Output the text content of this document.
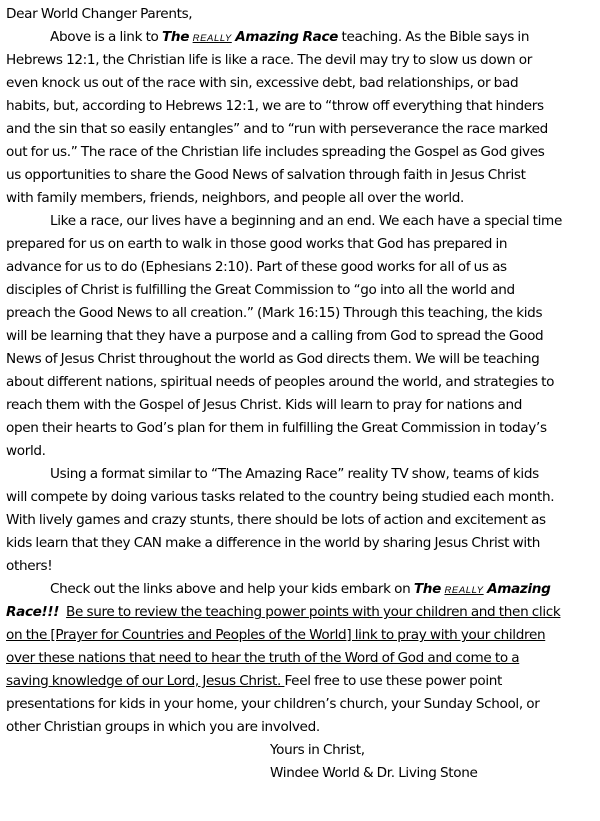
Dear World Changer Parents,
Above is a link to The REALLY Amazing Race teaching. As the Bible says in
Hebrews 12:1, the Christian life is like a race. The devil may try to slow us down or
even knock us out of the race with sin, excessive debt, bad relationships, or bad
habits, but, according to Hebrews 12:1, we are to “throw off everything that hinders
and the sin that so easily entangles” and to “run with perseverance the race marked
out for us.” The race of the Christian life includes spreading the Gospel as God gives
us opportunities to share the Good News of salvation through faith in Jesus Christ
with family members, friends, neighbors, and people all over the world.
Like a race, our lives have a beginning and an end. We each have a special time
prepared for us on earth to walk in those good works that God has prepared in
advance for us to do (Ephesians 2:10). Part of these good works for all of us as
disciples of Christ is fulfilling the Great Commission to “go into all the world and
preach the Good News to all creation.” (Mark 16:15) Through this teaching, the kids
will be learning that they have a purpose and a calling from God to spread the Good
News of Jesus Christ throughout the world as God directs them. We will be teaching
about different nations, spiritual needs of peoples around the world, and strategies to
reach them with the Gospel of Jesus Christ. Kids will learn to pray for nations and
open their hearts to God’s plan for them in fulfilling the Great Commission in today’s
world.
Using a format similar to “The Amazing Race” reality TV show, teams of kids
will compete by doing various tasks related to the country being studied each month.
With lively games and crazy stunts, there should be lots of action and excitement as
kids learn that they CAN make a difference in the world by sharing Jesus Christ with
others!
Check out the links above and help your kids embark on The REALLY Amazing
Race!!! Be sure to review the teaching power points with your children and then click
on the [Prayer for Countries and Peoples of the World] link to pray with your children
over these nations that need to hear the truth of the Word of God and come to a
saving knowledge of our Lord, Jesus Christ. Feel free to use these power point
presentations for kids in your home, your children’s church, your Sunday School, or
other Christian groups in which you are involved.
Yours in Christ,
Windee World & Dr. Living Stone
